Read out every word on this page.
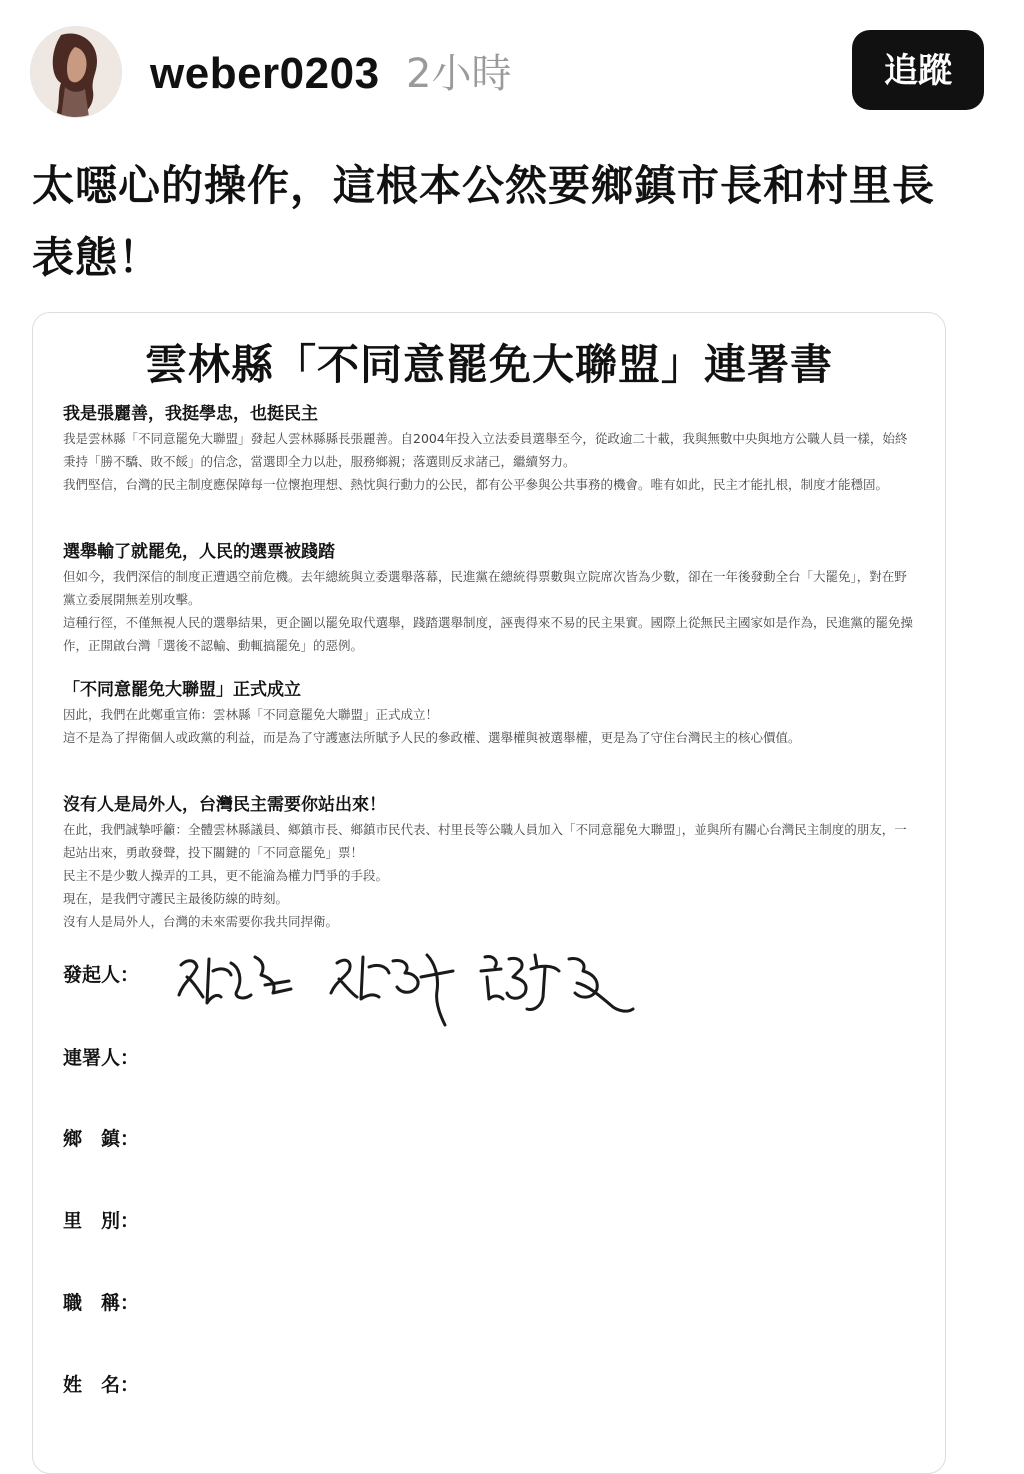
weber0203 2小時	追蹤
太噁心的操作，這根本公然要鄉鎮市長和村里長表態！
雲林縣「不同意罷免大聯盟」連署書

我是張麗善，我挺學忠，也挺民主

我是雲林縣「不同意罷免大聯盟」發起人雲林縣縣長張麗善。自2004年投入立法委員選舉至今，從政逾二十載，我與無數中央與地方公職人員一樣，始終秉持「勝不驕、敗不餒」的信念，當選即全力以赴，服務鄉親；落選則反求諸己，繼續努力。
我們堅信，台灣的民主制度應保障每一位懷抱理想、熱忱與行動力的公民，都有公平參與公共事務的機會。唯有如此，民主才能扎根，制度才能穩固。

選舉輸了就罷免，人民的選票被踐踏

但如今，我們深信的制度正遭遇空前危機。去年總統與立委選舉落幕，民進黨在總統得票數與立院席次皆為少數，卻在一年後發動全台「大罷免」，對在野黨立委展開無差別攻擊。
這種行徑，不僅無視人民的選舉結果，更企圖以罷免取代選舉，踐踏選舉制度，誣喪得來不易的民主果實。國際上從無民主國家如是作為，民進黨的罷免操作，正開啟台灣「選後不認輸、動輒搞罷免」的惡例。

「不同意罷免大聯盟」正式成立

因此，我們在此鄭重宣佈：雲林縣「不同意罷免大聯盟」正式成立！
這不是為了捍衛個人或政黨的利益，而是為了守護憲法所賦予人民的參政權、選舉權與被選舉權，更是為了守住台灣民主的核心價值。

沒有人是局外人，台灣民主需要你站出來！

在此，我們誠摯呼籲：全體雲林縣議員、鄉鎮市長、鄉鎮市民代表、村里長等公職人員加入「不同意罷免大聯盟」，並與所有關心台灣民主制度的朋友，一起站出來，勇敢發聲，投下關鍵的「不同意罷免」票！
民主不是少數人操弄的工具，更不能淪為權力鬥爭的手段。
現在，是我們守護民主最後防線的時刻。
沒有人是局外人，台灣的未來需要你我共同捍衛。

發起人：
連署人：
鄉　鎮：
里　別：
職　稱：
姓　名：
